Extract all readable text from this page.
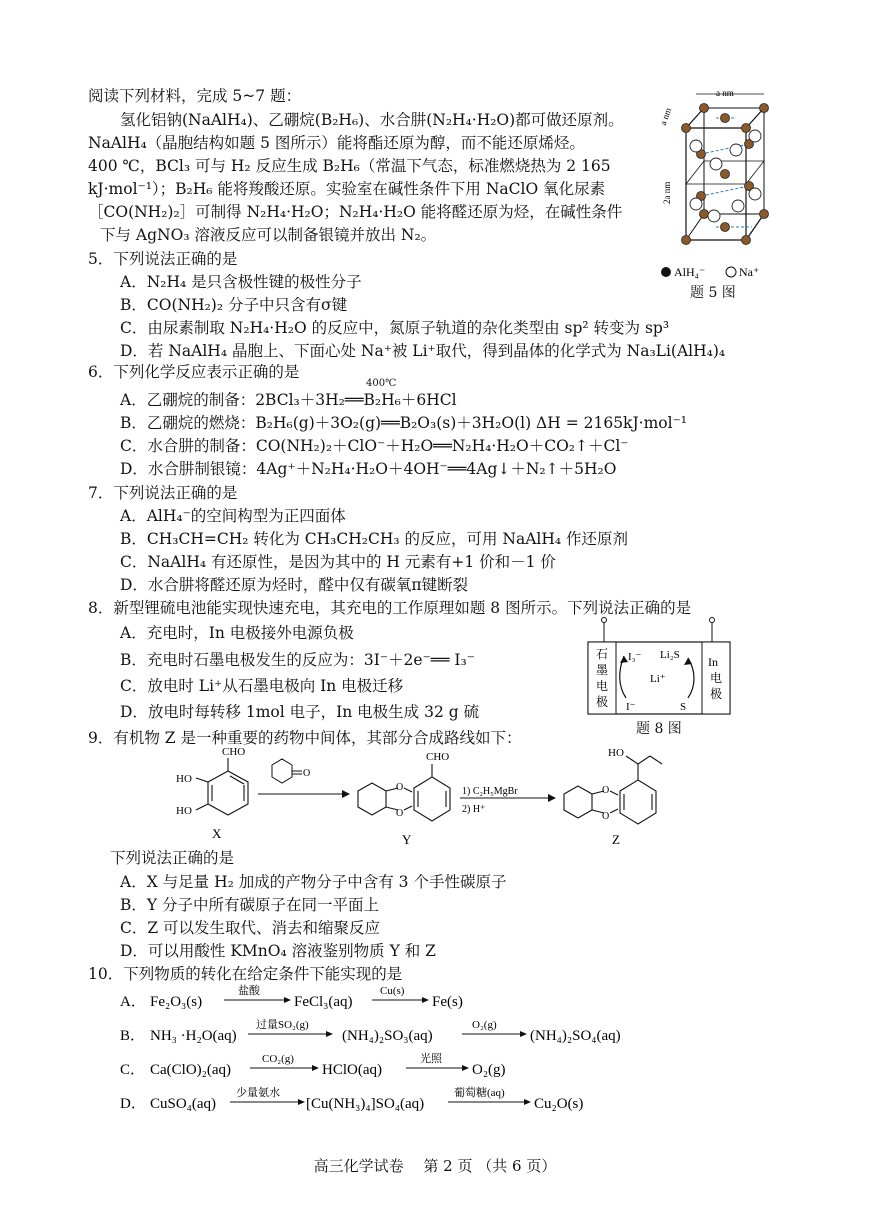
阅读下列材料，完成 5~7 题：
氢化铝钠(NaAlH₄)、乙硼烷(B₂H₆)、水合肼(N₂H₄·H₂O)都可做还原剂。
NaAlH₄（晶胞结构如题 5 图所示）能将酯还原为醇，而不能还原烯烃。
400 ℃，BCl₃ 可与 H₂ 反应生成 B₂H₆（常温下气态，标准燃烧热为 2 165
kJ·mol⁻¹）；B₂H₆ 能将羧酸还原。实验室在碱性条件下用 NaClO 氧化尿素
［CO(NH₂)₂］可制得 N₂H₄·H₂O；N₂H₄·H₂O 能将醛还原为烃，在碱性条件
下与 AgNO₃ 溶液反应可以制备银镜并放出 N₂。
a nm
a nm
2a nm
AlH₄⁻	Na⁺
题 5 图
5．下列说法正确的是
A．N₂H₄ 是只含极性键的极性分子
B．CO(NH₂)₂ 分子中只含有σ键
C．由尿素制取 N₂H₄·H₂O 的反应中，氮原子轨道的杂化类型由 sp² 转变为 sp³
D．若 NaAlH₄ 晶胞上、下面心处 Na⁺被 Li⁺取代，得到晶体的化学式为 Na₃Li(AlH₄)₄
6．下列化学反应表示正确的是
400℃
A．乙硼烷的制备：2BCl₃＋3H₂══B₂H₆＋6HCl
B．乙硼烷的燃烧：B₂H₆(g)＋3O₂(g)══B₂O₃(s)＋3H₂O(l) ΔH = 2165kJ·mol⁻¹
C．水合肼的制备：CO(NH₂)₂＋ClO⁻＋H₂O══N₂H₄·H₂O＋CO₂↑＋Cl⁻
D．水合肼制银镜：4Ag⁺＋N₂H₄·H₂O＋4OH⁻══4Ag↓＋N₂↑＋5H₂O
7．下列说法正确的是
A．AlH₄⁻的空间构型为正四面体
B．CH₃CH=CH₂ 转化为 CH₃CH₂CH₃ 的反应，可用 NaAlH₄ 作还原剂
C．NaAlH₄ 有还原性，是因为其中的 H 元素有+1 价和－1 价
D．水合肼将醛还原为烃时，醛中仅有碳氧π键断裂
8．新型锂硫电池能实现快速充电，其充电的工作原理如题 8 图所示。下列说法正确的是
A．充电时，In 电极接外电源负极
B．充电时石墨电极发生的反应为：3I⁻＋2e⁻══ I₃⁻
C．放电时 Li⁺从石墨电极向 In 电极迁移
D．放电时每转移 1mol 电子，In 电极生成 32 g 硫
石
墨
电
极
In
电
极
I₃⁻ Li₂S
Li⁺
I⁻	S
题 8 图
9．有机物 Z 是一种重要的药物中间体，其部分合成路线如下：
CHO
HO
HO
X
O
O
O
CHO
Y
1) C₂H₅MgBr
2) H⁺
O
O
HO
Z
下列说法正确的是
A．X 与足量 H₂ 加成的产物分子中含有 3 个手性碳原子
B．Y 分子中所有碳原子在同一平面上
C．Z 可以发生取代、消去和缩聚反应
D．可以用酸性 KMnO₄ 溶液鉴别物质 Y 和 Z
10．下列物质的转化在给定条件下能实现的是
A． Fe₂O₃(s)
盐酸
FeCl₃(aq)
Cu(s)
Fe(s)
B． NH₃ ·H₂O(aq)
过量SO₂(g)
(NH₄)₂SO₃(aq)
O₂(g)
(NH₄)₂SO₄(aq)
C． Ca(ClO)₂(aq)
CO₂(g)
HClO(aq)
光照
O₂(g)
D． CuSO₄(aq)
少量氨水
[Cu(NH₃)₄]SO₄(aq)
葡萄糖(aq)
Cu₂O(s)
高三化学试卷　 第 2 页 （共 6 页）
